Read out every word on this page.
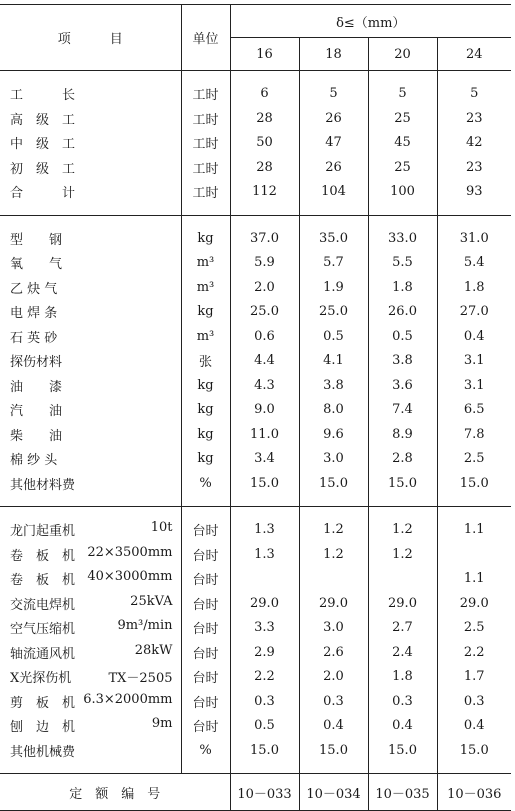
项　　　目	单位	δ≤（mm）			
		16	18	20	24

工　　　长	工时	6	5	5	5
高　级　工	工时	28	26	25	23
中　级　工	工时	50	47	45	42
初　级　工	工时	28	26	25	23
合　　　计	工时	112	104	100	93

型　　钢	kg	37.0	35.0	33.0	31.0
氧　　气	m³	5.9	5.7	5.5	5.4
乙 炔 气	m³	2.0	1.9	1.8	1.8
电 焊 条	kg	25.0	25.0	26.0	27.0
石 英 砂	m³	0.6	0.5	0.5	0.4
探伤材料	张	4.4	4.1	3.8	3.1
油　　漆	kg	4.3	3.8	3.6	3.1
汽　　油	kg	9.0	8.0	7.4	6.5
柴　　油	kg	11.0	9.6	8.9	7.8
棉 纱 头	kg	3.4	3.0	2.8	2.5
其他材料费	%	15.0	15.0	15.0	15.0

龙门起重机 10t	台时	1.3	1.2	1.2	1.1

卷　板　机 22×3500mm	台时	1.3	1.2	1.2	

卷　板　机 40×3000mm	台时				1.1

交流电焊机 25kVA	台时	29.0	29.0	29.0	29.0

空气压缩机 9m³/min	台时	3.3	3.0	2.7	2.5

轴流通风机 28kW	台时	2.9	2.6	2.4	2.2

X光探伤机 TX－2505	台时	2.2	2.0	1.8	1.7

剪　板　机 6.3×2000mm	台时	0.3	0.3	0.3	0.3

刨　边　机 9m	台时	0.5	0.4	0.4	0.4

其他机械费	%	15.0	15.0	15.0	15.0

定　额　编　号		10－033	10－034	10－035	10－036
